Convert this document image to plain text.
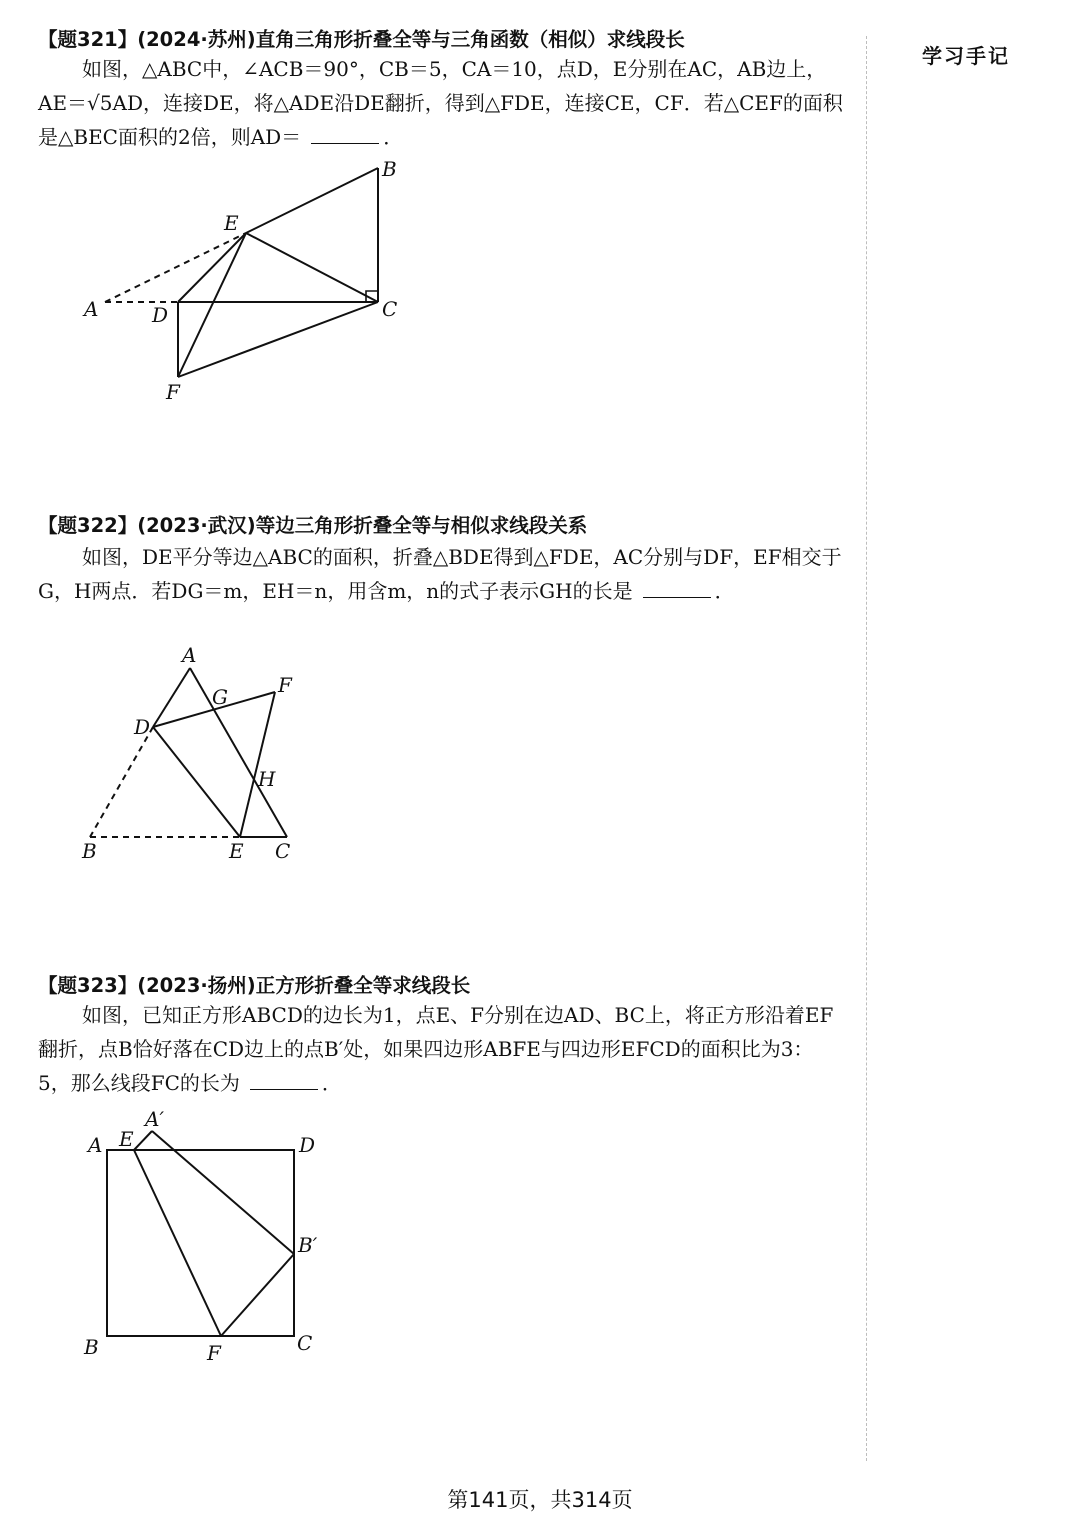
学习手记
【题321】(2024·苏州)直角三角形折叠全等与三角函数（相似）求线段长
如图，△ABC中，∠ACB＝90°，CB＝5，CA＝10，点D，E分别在AC，AB边上，AE＝√5AD，连接DE，将△ADE沿DE翻折，得到△FDE，连接CE，CF．若△CEF的面积是△BEC面积的2倍，则AD＝	．
A
B
C
D
E
F
【题322】(2023·武汉)等边三角形折叠全等与相似求线段关系
如图，DE平分等边△ABC的面积，折叠△BDE得到△FDE，AC分别与DF，EF相交于G，H两点．若DG＝m，EH＝n，用含m，n的式子表示GH的长是	．
A
B	C
D
E
F
G
H
【题323】(2023·扬州)正方形折叠全等求线段长
如图，已知正方形ABCD的边长为1，点E、F分别在边AD、BC上，将正方形沿着EF翻折，点B恰好落在CD边上的点B′处，如果四边形ABFE与四边形EFCD的面积比为3：5，那么线段FC的长为	．
A
A′
B
B′
C
D
E
F
第141页，共314页
